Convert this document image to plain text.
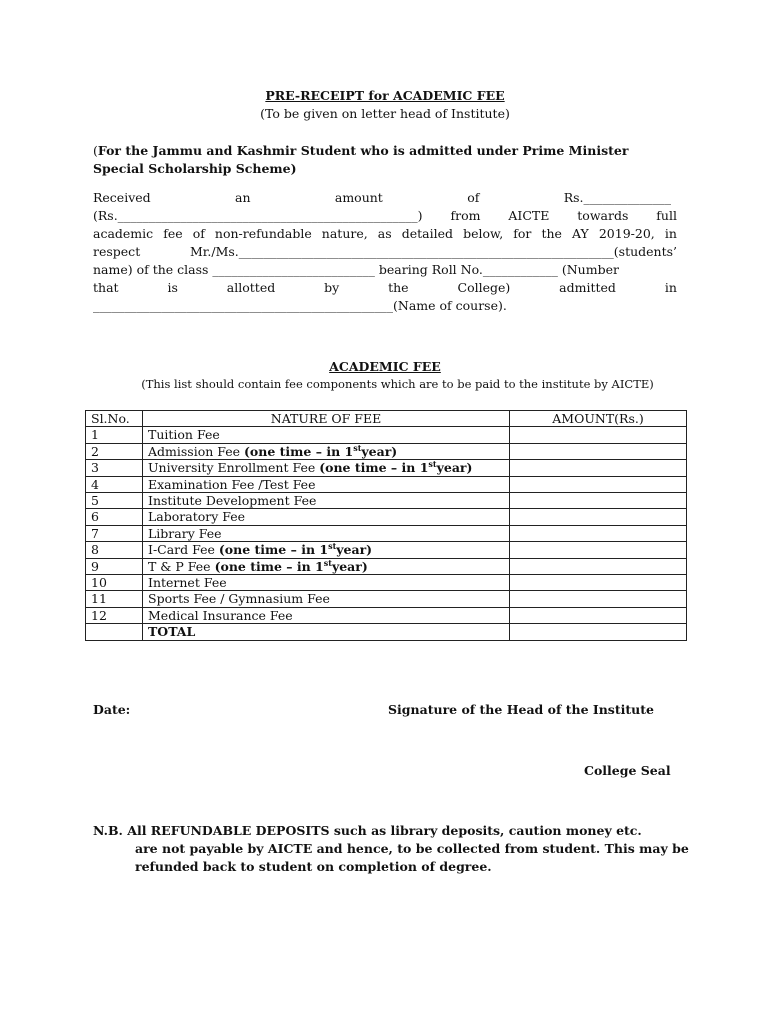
PRE-RECEIPT for ACADEMIC FEE
(To be given on letter head of Institute)
(For the Jammu and Kashmir Student who is admitted under Prime Minister Special Scholarship Scheme)
Received	an	amount	of	Rs.______________
(Rs.________________________________________________) from AICTE towards full
academic fee of non-refundable nature, as detailed below, for the AY 2019-20, in
respect	Mr./Ms.____________________________________________________________(students’
name) of the class __________________________ bearing Roll No.____________ (Number
that	is	allotted	by	the	College)	admitted	in
________________________________________________(Name of course).
ACADEMIC FEE
(This list should contain fee components which are to be paid to the institute by AICTE)
Sl.No.	NATURE OF FEE	AMOUNT(Rs.)
1	Tuition Fee	
2	Admission Fee (one time – in 1styear)	
3	University Enrollment Fee (one time – in 1styear)	
4	Examination Fee /Test Fee	
5	Institute Development Fee	
6	Laboratory Fee	
7	Library Fee	
8	I-Card Fee (one time – in 1styear)	
9	T & P Fee (one time – in 1styear)	
10	Internet Fee	
11	Sports Fee / Gymnasium Fee	
12	Medical Insurance Fee	
	TOTAL	
Date:	Signature of the Head of the Institute
College Seal
N.B. All REFUNDABLE DEPOSITS such as library deposits, caution money etc.
are not payable by AICTE and hence, to be collected from student. This may be refunded back to student on completion of degree.
